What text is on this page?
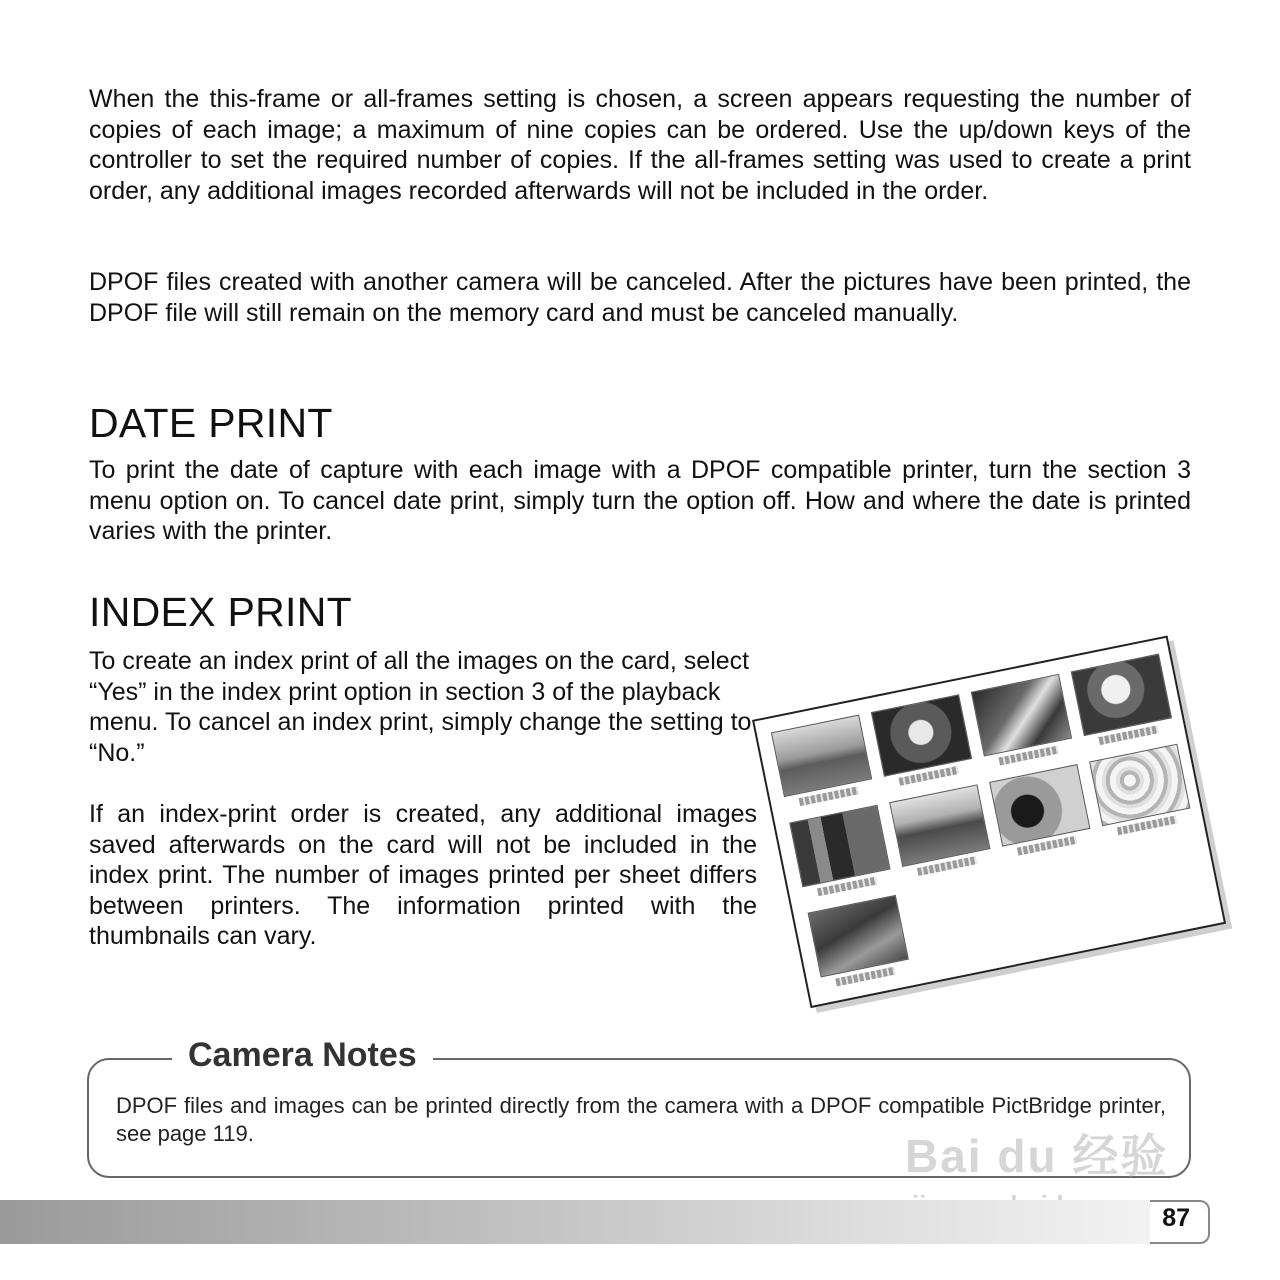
When the this-frame or all-frames setting is chosen, a screen appears requesting the number of copies of each image; a maximum of nine copies can be ordered. Use the up/down keys of the controller to set the required number of copies. If the all-frames setting was used to create a print order, any additional images recorded afterwards will not be included in the order.

DPOF files created with another camera will be canceled. After the pictures have been printed, the DPOF file will still remain on the memory card and must be canceled manually.

DATE PRINT

To print the date of capture with each image with a DPOF compatible printer, turn the section 3 menu option on. To cancel date print, simply turn the option off. How and where the date is printed varies with the printer.

INDEX PRINT

To create an index print of all the images on the card, select “Yes” in the index print option in section 3 of the playback menu. To cancel an index print, simply change the setting to “No.”

If an index-print order is created, any additional images saved afterwards on the card will not be included in the index print. The number of images printed per sheet differs between printers. The information printed with the thumbnails can vary.

Camera Notes

DPOF files and images can be printed directly from the camera with a DPOF compatible PictBridge printer, see page 119.	Bai du 经验
87
